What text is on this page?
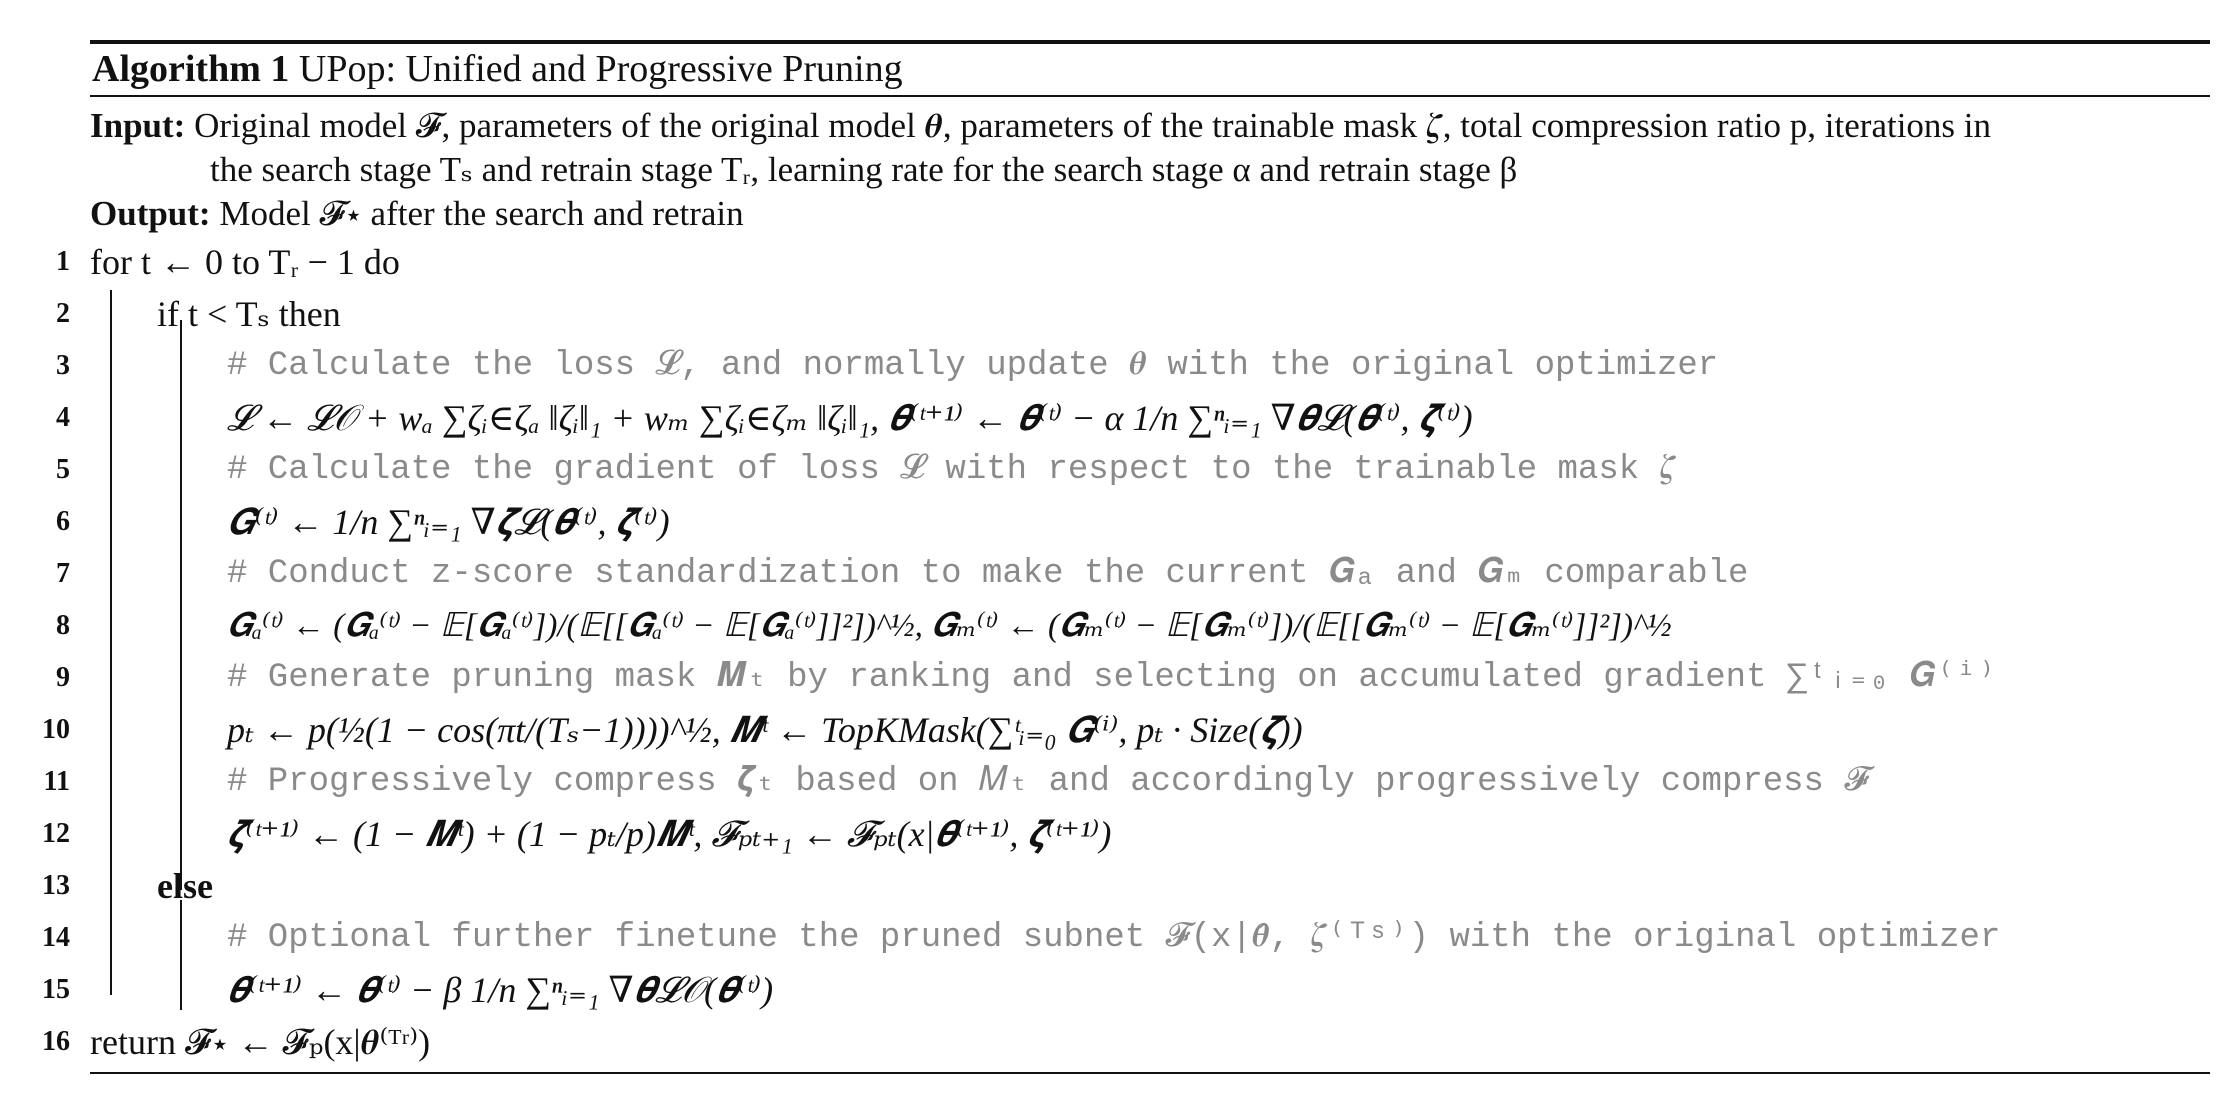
Algorithm 1 UPop: Unified and Progressive Pruning
Input: Original model 𝓕, parameters of the original model 𝜽, parameters of the trainable mask 𝜻, total compression ratio p, iterations in
the search stage Tₛ and retrain stage Tᵣ, learning rate for the search stage α and retrain stage β
Output: Model 𝓕⋆ after the search and retrain
1 for t ← 0 to Tᵣ − 1 do
2 if t < Tₛ then
3	# Calculate the loss 𝓛, and normally update 𝜽 with the original optimizer
4	𝓛 ← 𝓛𝒪 + wₐ ∑ζᵢ∈ζₐ ‖ζᵢ‖₁ + wₘ ∑ζᵢ∈ζₘ ‖ζᵢ‖₁, 𝜽⁽ᵗ⁺¹⁾ ← 𝜽⁽ᵗ⁾ − α 1/n ∑ⁿᵢ₌₁ ∇𝜽𝓛(𝜽⁽ᵗ⁾, 𝜻⁽ᵗ⁾)
5	# Calculate the gradient of loss 𝓛 with respect to the trainable mask 𝜻
6	𝑮⁽ᵗ⁾ ← 1/n ∑ⁿᵢ₌₁ ∇𝜻𝓛(𝜽⁽ᵗ⁾, 𝜻⁽ᵗ⁾)
7	# Conduct z-score standardization to make the current 𝑮ₐ and 𝑮ₘ comparable
8	𝑮ₐ⁽ᵗ⁾ ← (𝑮ₐ⁽ᵗ⁾ − 𝔼[𝑮ₐ⁽ᵗ⁾])/(𝔼[[𝑮ₐ⁽ᵗ⁾ − 𝔼[𝑮ₐ⁽ᵗ⁾]]²])^½, 𝑮ₘ⁽ᵗ⁾ ← (𝑮ₘ⁽ᵗ⁾ − 𝔼[𝑮ₘ⁽ᵗ⁾])/(𝔼[[𝑮ₘ⁽ᵗ⁾ − 𝔼[𝑮ₘ⁽ᵗ⁾]]²])^½
9	# Generate pruning mask 𝑴ₜ by ranking and selecting on accumulated gradient ∑ᵗᵢ₌₀ 𝑮⁽ⁱ⁾
10	pₜ ← p(½(1 − cos(πt/(Tₛ−1))))^½, 𝑴ᵗ ← TopKMask(∑ᵗᵢ₌₀ 𝑮⁽ⁱ⁾, pₜ · Size(𝜻))
11	# Progressively compress 𝜻ₜ based on 𝑀ₜ and accordingly progressively compress 𝓕
12	𝜻⁽ᵗ⁺¹⁾ ← (1 − 𝑴ᵗ) + (1 − pₜ/p)𝑴ᵗ, 𝓕ₚₜ₊₁ ← 𝓕ₚₜ(x|𝜽⁽ᵗ⁺¹⁾, 𝜻⁽ᵗ⁺¹⁾)
13 else
14	# Optional further finetune the pruned subnet 𝓕(x|𝜽̂, 𝜻⁽ᵀˢ⁾) with the original optimizer
15	𝜽⁽ᵗ⁺¹⁾ ← 𝜽⁽ᵗ⁾ − β 1/n ∑ⁿᵢ₌₁ ∇𝜽𝓛𝒪(𝜽⁽ᵗ⁾)
16 return 𝓕⋆ ← 𝓕ₚ(x|𝜽⁽ᵀʳ⁾)
